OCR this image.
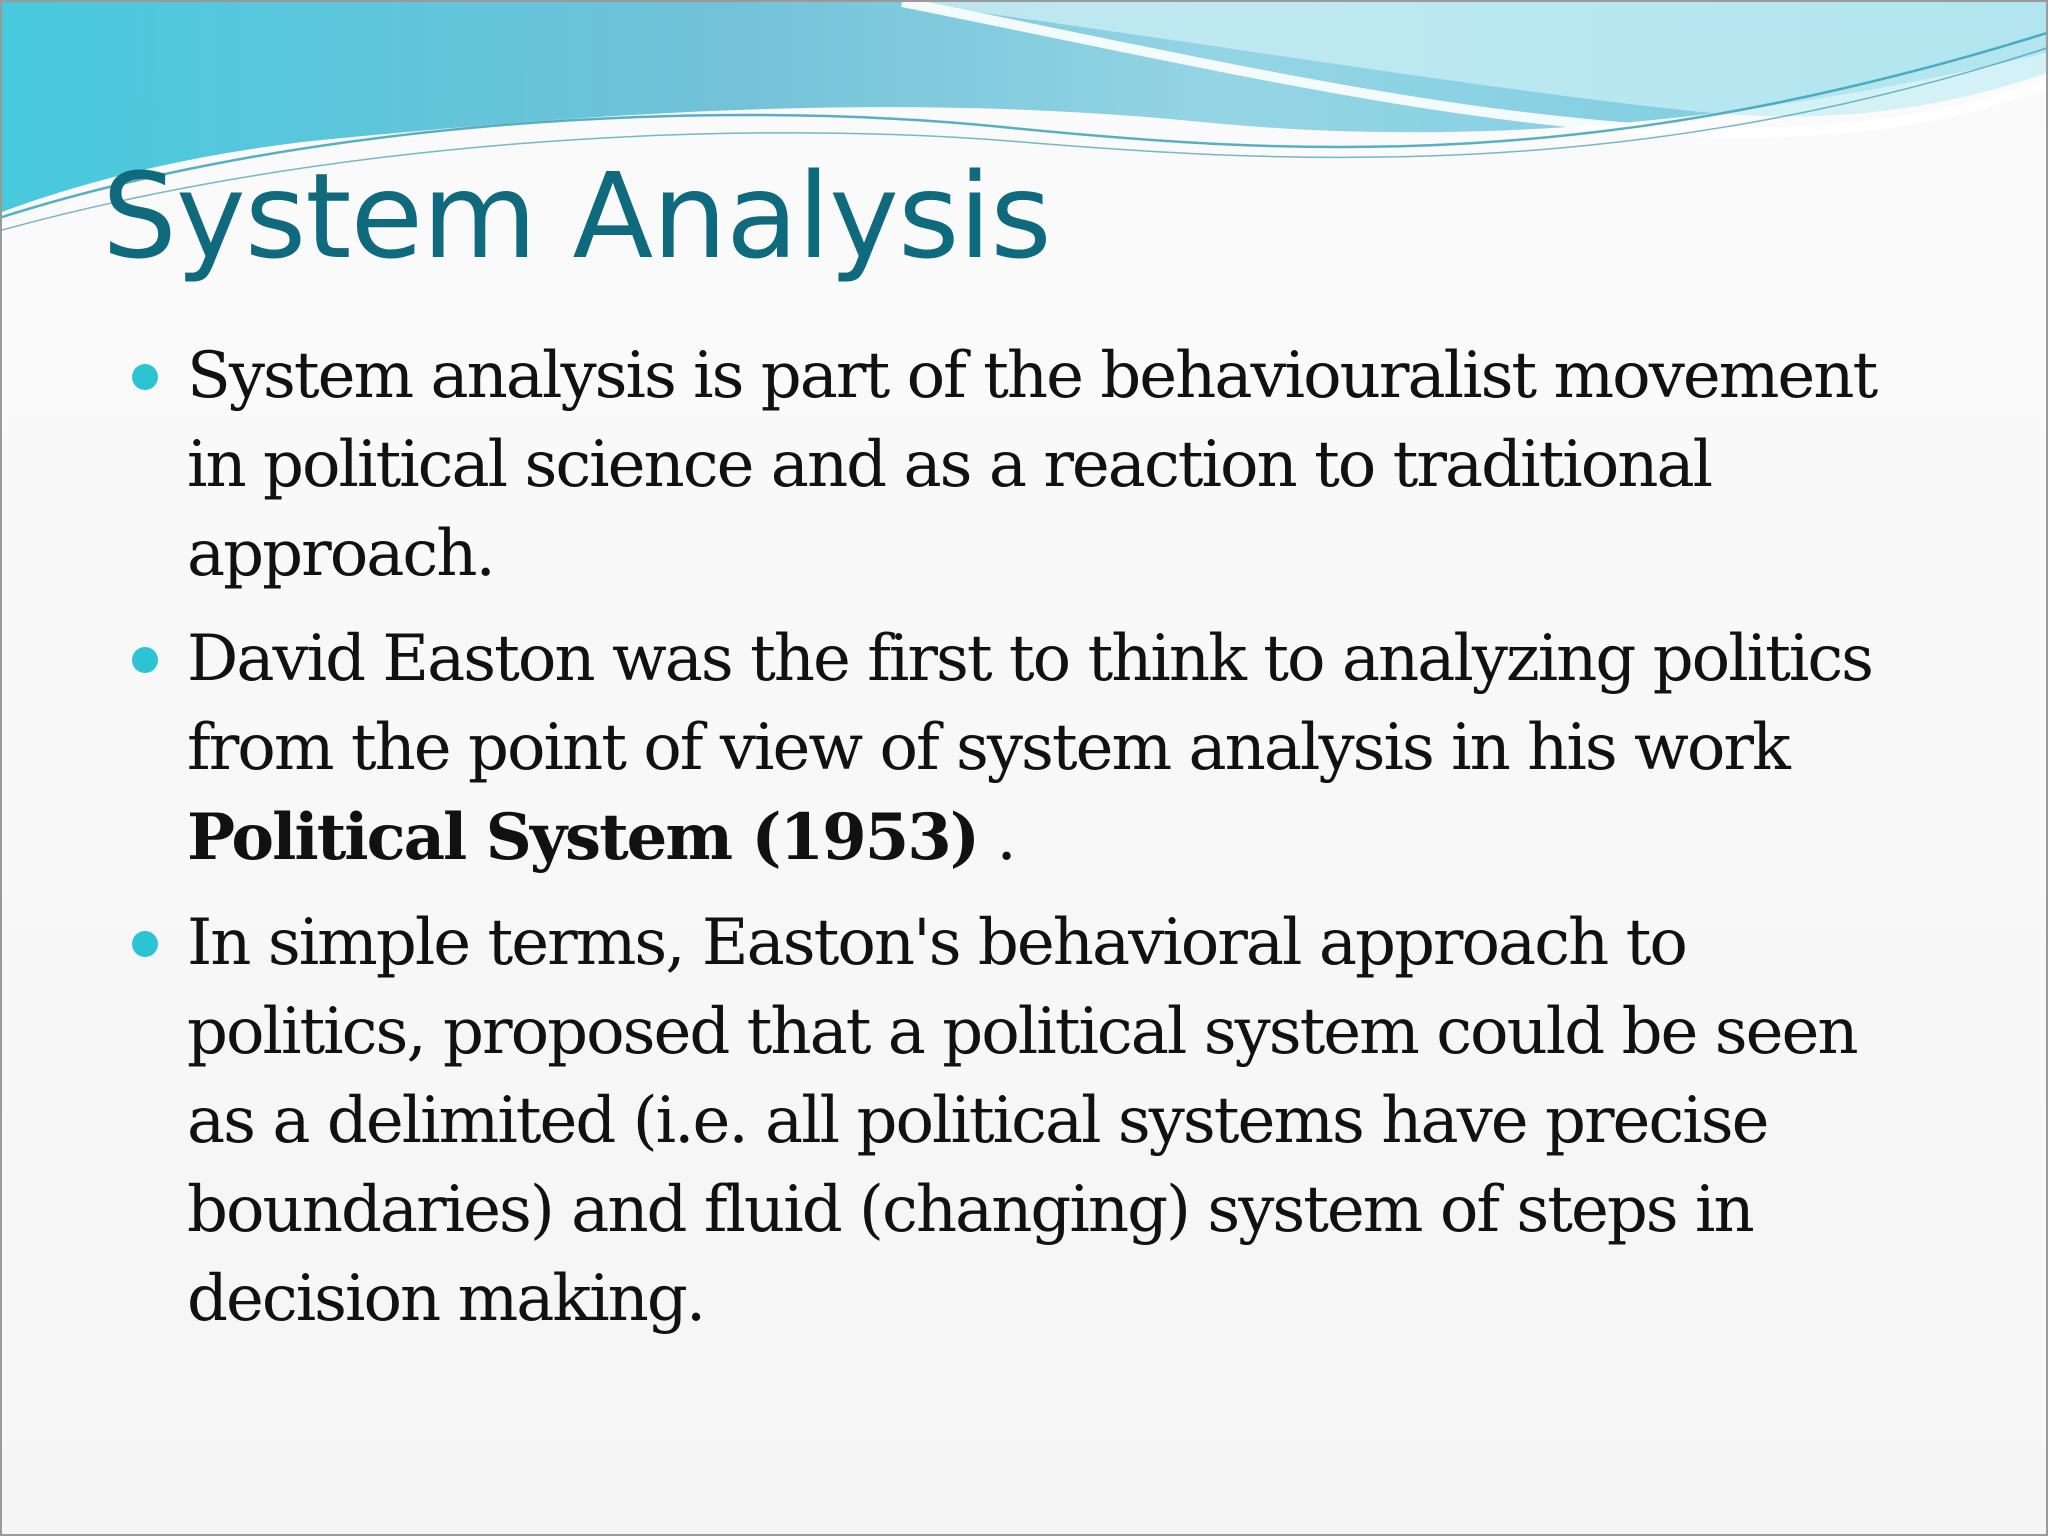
System Analysis
System analysis is part of the behaviouralist movement in political science and as a reaction to traditional approach.
David Easton was the first to think to analyzing politics from the point of view of system analysis in his work Political System (1953) .
In simple terms, Easton's behavioral approach to politics, proposed that a political system could be seen as a delimited (i.e. all political systems have precise boundaries) and fluid (changing) system of steps in decision making.
